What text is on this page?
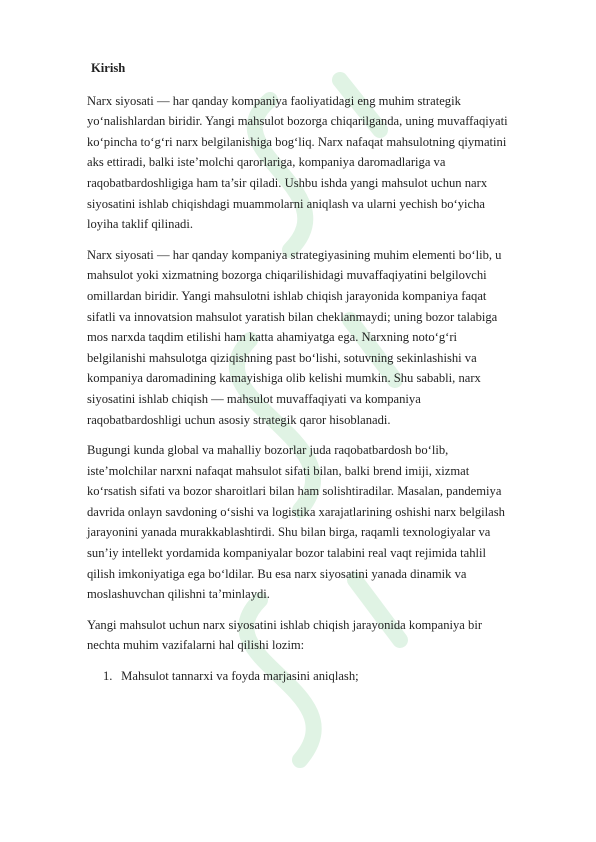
Kirish
Narx siyosati — har qanday kompaniya faoliyatidagi eng muhim strategik
yo‘nalishlardan biridir. Yangi mahsulot bozorga chiqarilganda, uning muvaffaqiyati
ko‘pincha to‘g‘ri narx belgilanishiga bog‘liq. Narx nafaqat mahsulotning qiymatini
aks ettiradi, balki iste’molchi qarorlariga, kompaniya daromadlariga va
raqobatbardoshligiga ham ta’sir qiladi. Ushbu ishda yangi mahsulot uchun narx
siyosatini ishlab chiqishdagi muammolarni aniqlash va ularni yechish bo‘yicha
loyiha taklif qilinadi.
Narx siyosati — har qanday kompaniya strategiyasining muhim elementi bo‘lib, u
mahsulot yoki xizmatning bozorga chiqarilishidagi muvaffaqiyatini belgilovchi
omillardan biridir. Yangi mahsulotni ishlab chiqish jarayonida kompaniya faqat
sifatli va innovatsion mahsulot yaratish bilan cheklanmaydi; uning bozor talabiga
mos narxda taqdim etilishi ham katta ahamiyatga ega. Narxning noto‘g‘ri
belgilanishi mahsulotga qiziqishning past bo‘lishi, sotuvning sekinlashishi va
kompaniya daromadining kamayishiga olib kelishi mumkin. Shu sababli, narx
siyosatini ishlab chiqish — mahsulot muvaffaqiyati va kompaniya
raqobatbardoshligi uchun asosiy strategik qaror hisoblanadi.
Bugungi kunda global va mahalliy bozorlar juda raqobatbardosh bo‘lib,
iste’molchilar narxni nafaqat mahsulot sifati bilan, balki brend imiji, xizmat
ko‘rsatish sifati va bozor sharoitlari bilan ham solishtiradilar. Masalan, pandemiya
davrida onlayn savdoning o‘sishi va logistika xarajatlarining oshishi narx belgilash
jarayonini yanada murakkablashtirdi. Shu bilan birga, raqamli texnologiyalar va
sun’iy intellekt yordamida kompaniyalar bozor talabini real vaqt rejimida tahlil
qilish imkoniyatiga ega bo‘ldilar. Bu esa narx siyosatini yanada dinamik va
moslashuvchan qilishni ta’minlaydi.
Yangi mahsulot uchun narx siyosatini ishlab chiqish jarayonida kompaniya bir
nechta muhim vazifalarni hal qilishi lozim:
1. Mahsulot tannarxi va foyda marjasini aniqlash;
